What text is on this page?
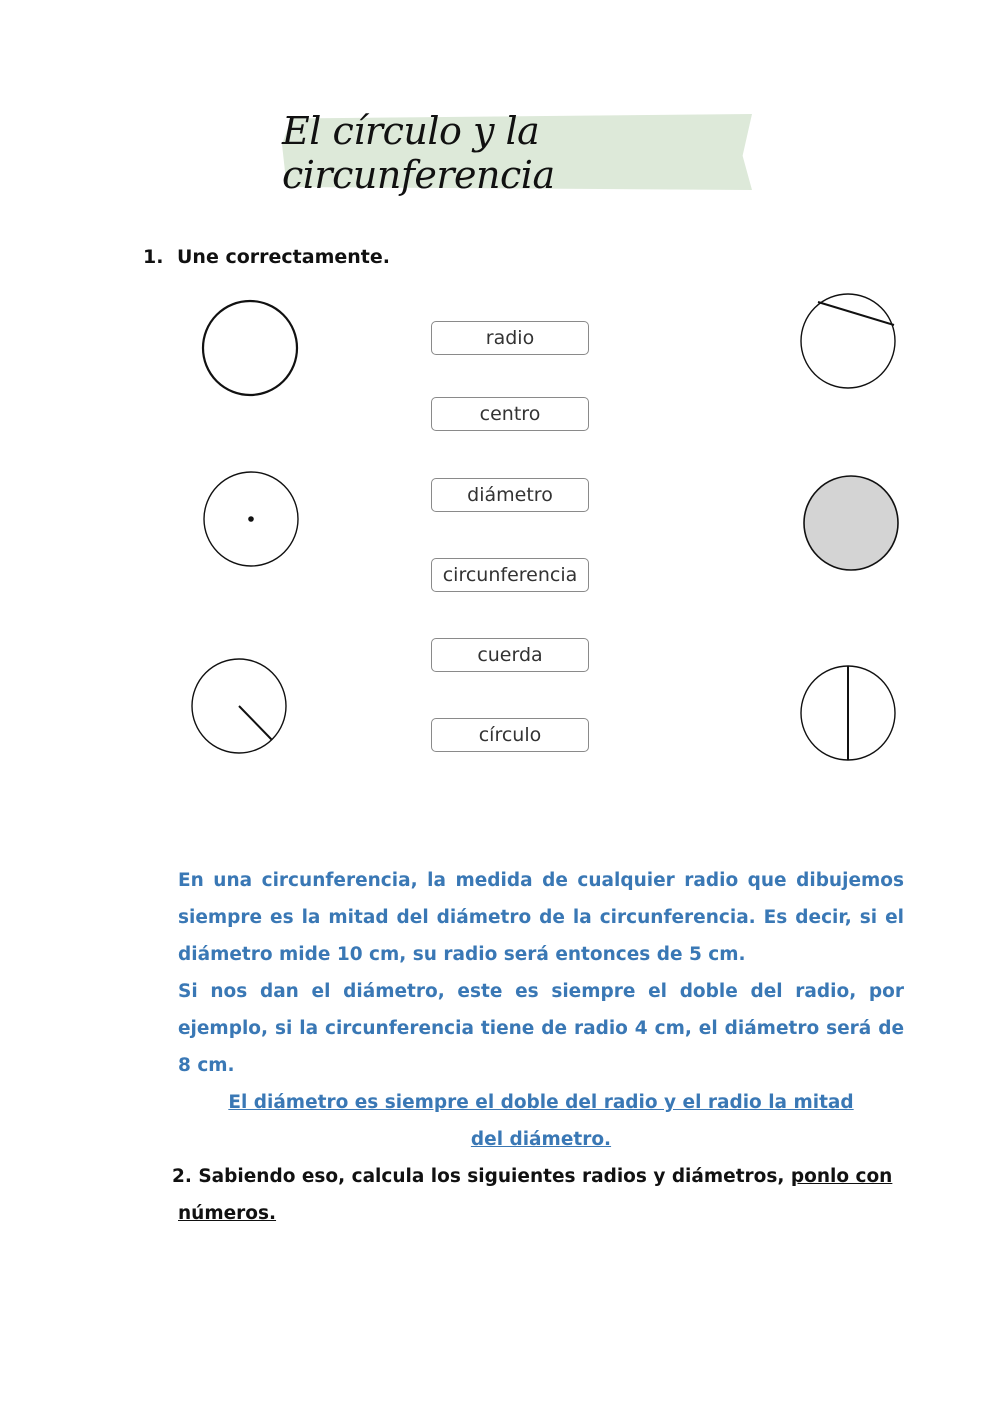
El círculo y la circunferencia
1. Une correctamente.
radio
centro
diámetro
circunferencia
cuerda
círculo

En una circunferencia, la medida de cualquier radio que dibujemos siempre es la mitad del diámetro de la circunferencia. Es decir, si el diámetro mide 10 cm, su radio será entonces de 5 cm.

Si nos dan el diámetro, este es siempre el doble del radio, por ejemplo, si la circunferencia tiene de radio 4 cm, el diámetro será de 8 cm.

El diámetro es siempre el doble del radio y el radio la mitad del diámetro.

2. Sabiendo eso, calcula los siguientes radios y diámetros, ponlo con
números.
